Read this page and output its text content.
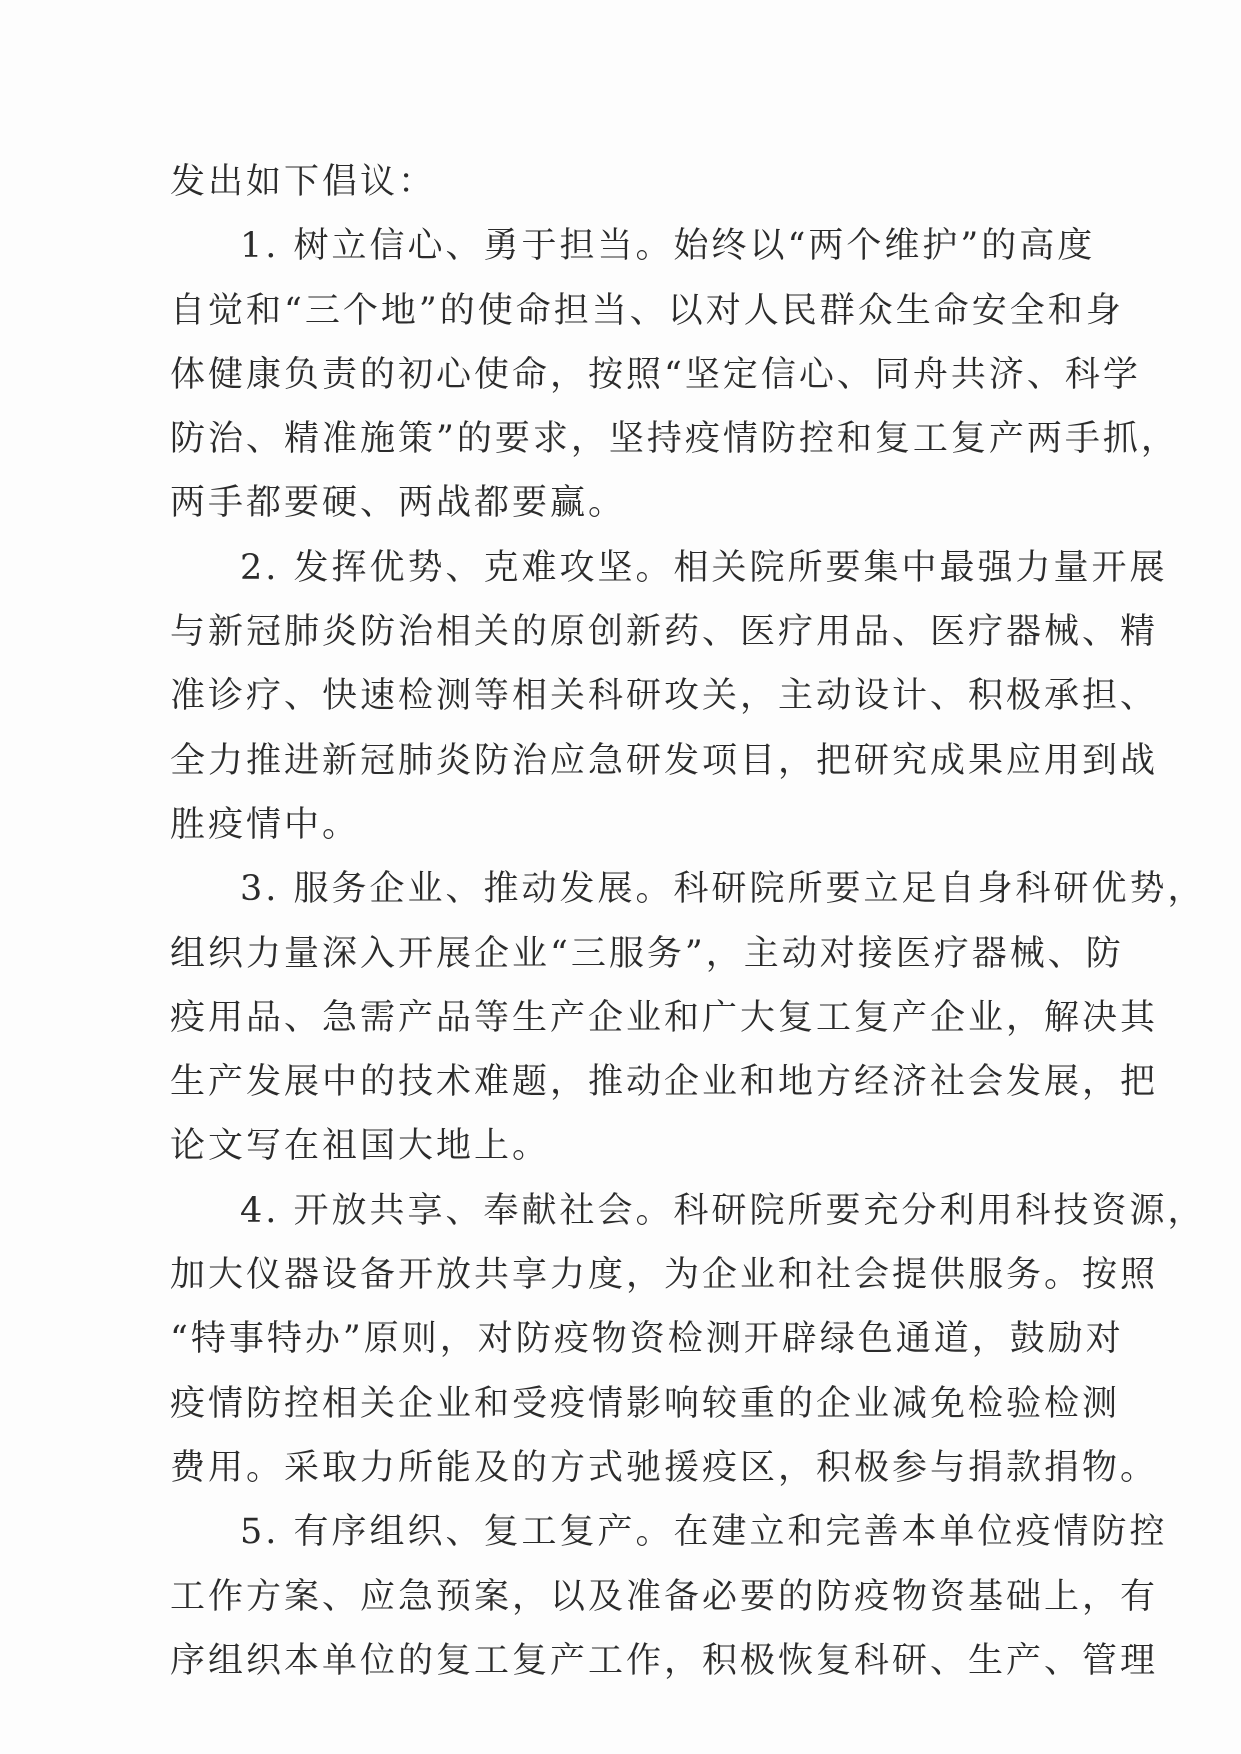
发出如下倡议：
1. 树立信心、勇于担当。始终以“两个维护”的高度
自觉和“三个地”的使命担当、以对人民群众生命安全和身
体健康负责的初心使命，按照“坚定信心、同舟共济、科学
防治、精准施策”的要求，坚持疫情防控和复工复产两手抓，
两手都要硬、两战都要赢。
2. 发挥优势、克难攻坚。相关院所要集中最强力量开展
与新冠肺炎防治相关的原创新药、医疗用品、医疗器械、精
准诊疗、快速检测等相关科研攻关，主动设计、积极承担、
全力推进新冠肺炎防治应急研发项目，把研究成果应用到战
胜疫情中。
3. 服务企业、推动发展。科研院所要立足自身科研优势，
组织力量深入开展企业“三服务”，主动对接医疗器械、防
疫用品、急需产品等生产企业和广大复工复产企业，解决其
生产发展中的技术难题，推动企业和地方经济社会发展，把
论文写在祖国大地上。
4. 开放共享、奉献社会。科研院所要充分利用科技资源，
加大仪器设备开放共享力度，为企业和社会提供服务。按照
“特事特办”原则，对防疫物资检测开辟绿色通道，鼓励对
疫情防控相关企业和受疫情影响较重的企业减免检验检测
费用。采取力所能及的方式驰援疫区，积极参与捐款捐物。
5. 有序组织、复工复产。在建立和完善本单位疫情防控
工作方案、应急预案，以及准备必要的防疫物资基础上，有
序组织本单位的复工复产工作，积极恢复科研、生产、管理
